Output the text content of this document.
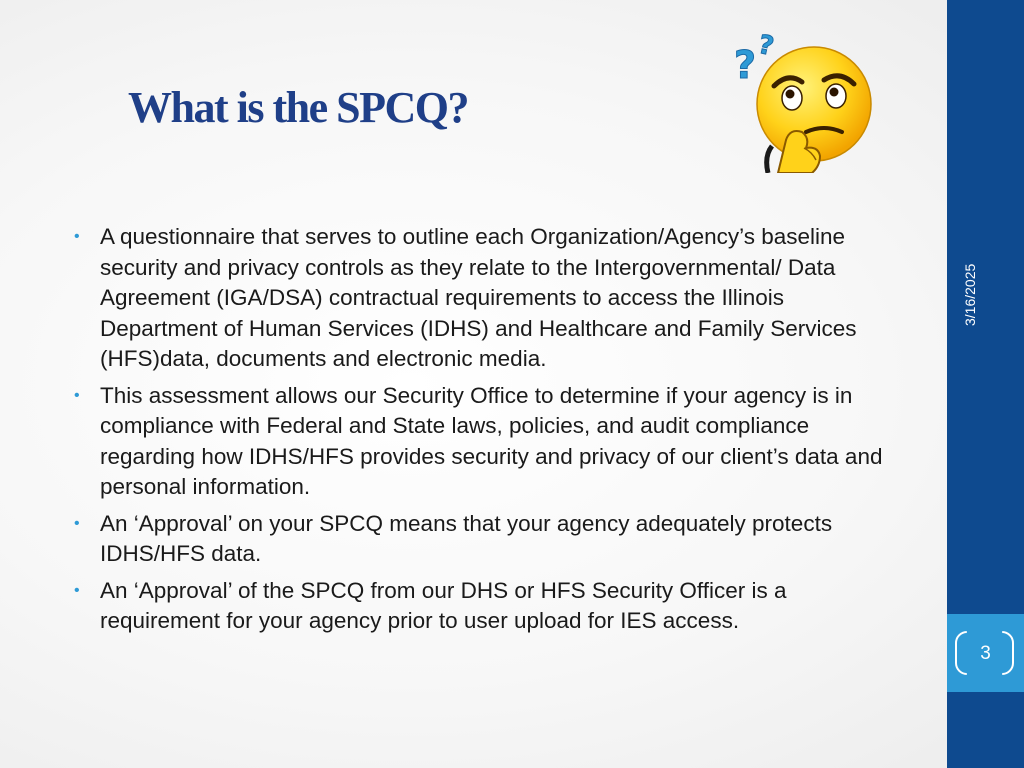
What is the SPCQ?
? ?
• A questionnaire that serves to outline each Organization/Agency’s baseline security and privacy controls as they relate to the Intergovernmental/ Data Agreement (IGA/DSA) contractual requirements to access the Illinois Department of Human Services (IDHS) and Healthcare and Family Services (HFS)data, documents and electronic media.
• This assessment allows our Security Office to determine if your agency is in compliance with Federal and State laws, policies, and audit compliance regarding how IDHS/HFS provides security and privacy of our client’s data and personal information.
• An ‘Approval’ on your SPCQ means that your agency adequately protects IDHS/HFS data.
• An ‘Approval’ of the SPCQ from our DHS or HFS Security Officer is a requirement for your agency prior to user upload for IES access.
3/16/2025
3
